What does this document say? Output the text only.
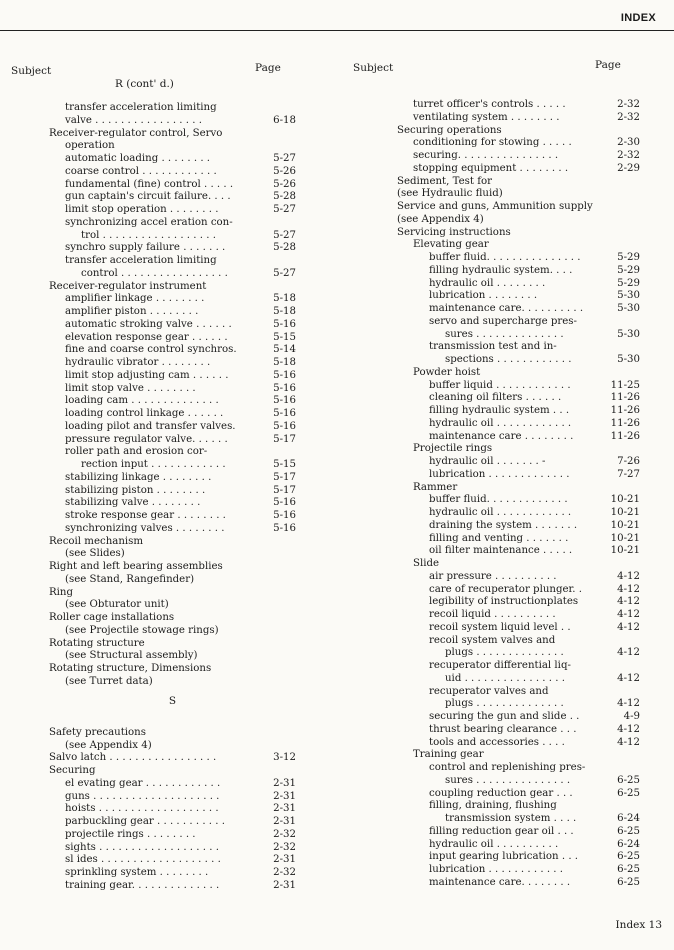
INDEX
Subject	Page
R (cont' d.)
Subject	Page
transfer acceleration limiting
valve . . . . . . . . . . . . . . . . .	6-18
Receiver-regulator control, Servo
operation
automatic loading . . . . . . . .	5-27
coarse control . . . . . . . . . . . .	5-26
fundamental (fine) control . . . . .	5-26
gun captain's circuit failure. . . .	5-28
limit stop operation . . . . . . . .	5-27
synchronizing accel eration con-
trol . . . . . . . . . . . . . . . . . .	5-27
synchro supply failure . . . . . . .	5-28
transfer acceleration limiting
control . . . . . . . . . . . . . . . . .	5-27
Receiver-regulator instrument
amplifier linkage . . . . . . . .	5-18
amplifier piston . . . . . . . .	5-18
automatic stroking valve . . . . . .	5-16
elevation response gear . . . . . .	5-15
fine and coarse control synchros.	5-14
hydraulic vibrator . . . . . . . .	5-18
limit stop adjusting cam . . . . . .	5-16
limit stop valve . . . . . . . .	5-16
loading cam . . . . . . . . . . . . . .	5-16
loading control linkage . . . . . .	5-16
loading pilot and transfer valves.	5-16
pressure regulator valve. . . . . .	5-17
roller path and erosion cor-
rection input . . . . . . . . . . . .	5-15
stabilizing linkage . . . . . . . .	5-17
stabilizing piston . . . . . . . .	5-17
stabilizing valve . . . . . . . .	5-16
stroke response gear . . . . . . . .	5-16
synchronizing valves . . . . . . . .	5-16
Recoil mechanism
(see Slides)
Right and left bearing assemblies
(see Stand, Rangefinder)
Ring
(see Obturator unit)
Roller cage installations
(see Projectile stowage rings)
Rotating structure
(see Structural assembly)
Rotating structure, Dimensions
(see Turret data)
S
Safety precautions
(see Appendix 4)
Salvo latch . . . . . . . . . . . . . . . . .	3-12
Securing
el evating gear . . . . . . . . . . . .	2-31
guns . . . . . . . . . . . . . . . . . . . .	2-31
hoists . . . . . . . . . . . . . . . . . . .	2-31
parbuckling gear . . . . . . . . . . .	2-31
projectile rings . . . . . . . .	2-32
sights . . . . . . . . . . . . . . . . . . .	2-32
sl ides . . . . . . . . . . . . . . . . . . .	2-31
sprinkling system . . . . . . . .	2-32
training gear. . . . . . . . . . . . . .	2-31
turret officer's controls . . . . .	2-32
ventilating system . . . . . . . .	2-32
Securing operations
conditioning for stowing . . . . .	2-30
securing. . . . . . . . . . . . . . . .	2-32
stopping equipment . . . . . . . .	2-29
Sediment, Test for
(see Hydraulic fluid)
Service and guns, Ammunition supply
(see Appendix 4)
Servicing instructions
Elevating gear
buffer fluid. . . . . . . . . . . . . . .	5-29
filling hydraulic system. . . .	5-29
hydraulic oil . . . . . . . .	5-29
lubrication . . . . . . . .	5-30
maintenance care. . . . . . . . . .	5-30
servo and supercharge pres-
sures . . . . . . . . . . . . . .	5-30
transmission test and in-
spections . . . . . . . . . . . .	5-30
Powder hoist
buffer liquid . . . . . . . . . . . .	11-25
cleaning oil filters . . . . . .	11-26
filling hydraulic system . . .	11-26
hydraulic oil . . . . . . . . . . . .	11-26
maintenance care . . . . . . . .	11-26
Projectile rings
hydraulic oil . . . . . . . -	7-26
lubrication . . . . . . . . . . . . .	7-27
Rammer
buffer fluid. . . . . . . . . . . . .	10-21
hydraulic oil . . . . . . . . . . . .	10-21
draining the system . . . . . . .	10-21
filling and venting . . . . . . .	10-21
oil filter maintenance . . . . .	10-21
Slide
air pressure . . . . . . . . . .	4-12
care of recuperator plunger. .	4-12
legibility of instructionplates	4-12
recoil liquid . . . . . . . . . .	4-12
recoil system liquid level . .	4-12
recoil system valves and
plugs . . . . . . . . . . . . . .	4-12
recuperator differential liq-
uid . . . . . . . . . . . . . . . .	4-12
recuperator valves and
plugs . . . . . . . . . . . . . .	4-12
securing the gun and slide . .	4-9
thrust bearing clearance . . .	4-12
tools and accessories . . . .	4-12
Training gear
control and replenishing pres-
sures . . . . . . . . . . . . . . .	6-25
coupling reduction gear . . .	6-25
filling, draining, flushing
transmission system . . . .	6-24
filling reduction gear oil . . .	6-25
hydraulic oil . . . . . . . . . .	6-24
input gearing lubrication . . .	6-25
lubrication . . . . . . . . . . . .	6-25
maintenance care. . . . . . . .	6-25
Index 13
